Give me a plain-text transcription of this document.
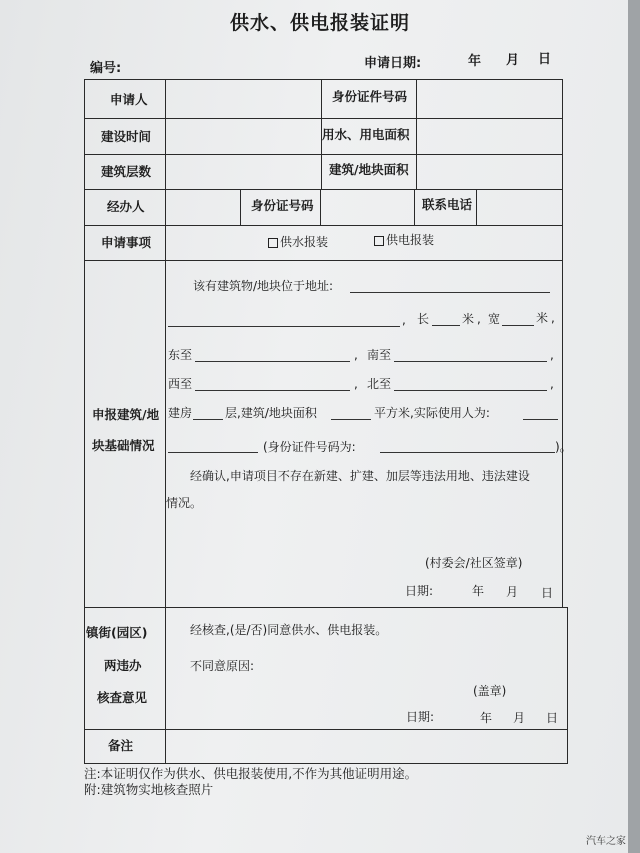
供水、供电报装证明
编号:	申请日期:	年 月 日
申请人	身份证件号码
建设时间	用水、用电面积
建筑层数	建筑/地块面积
经办人	身份证号码	联系电话
申请事项	供水报装	供电报装
申报建筑/地
块基础情况
该有建筑物/地块位于地址:
, 长	米 , 宽	米 ,
东至	, 南至	,
西至	, 北至	,
建房	层,建筑/地块面积	平方米,实际使用人为:
(身份证件号码为:	)。
经确认,申请项目不存在新建、扩建、加层等违法用地、违法建设
情况。
(村委会/社区签章)
日期:	年 月 日
镇街(园区)
两违办
核查意见
经核查,(是/否)同意供水、供电报装。
不同意原因:
(盖章)
日期:	年 月 日
备注
注:本证明仅作为供水、供电报装使用,不作为其他证明用途。
附:建筑物实地核查照片
汽车之家
